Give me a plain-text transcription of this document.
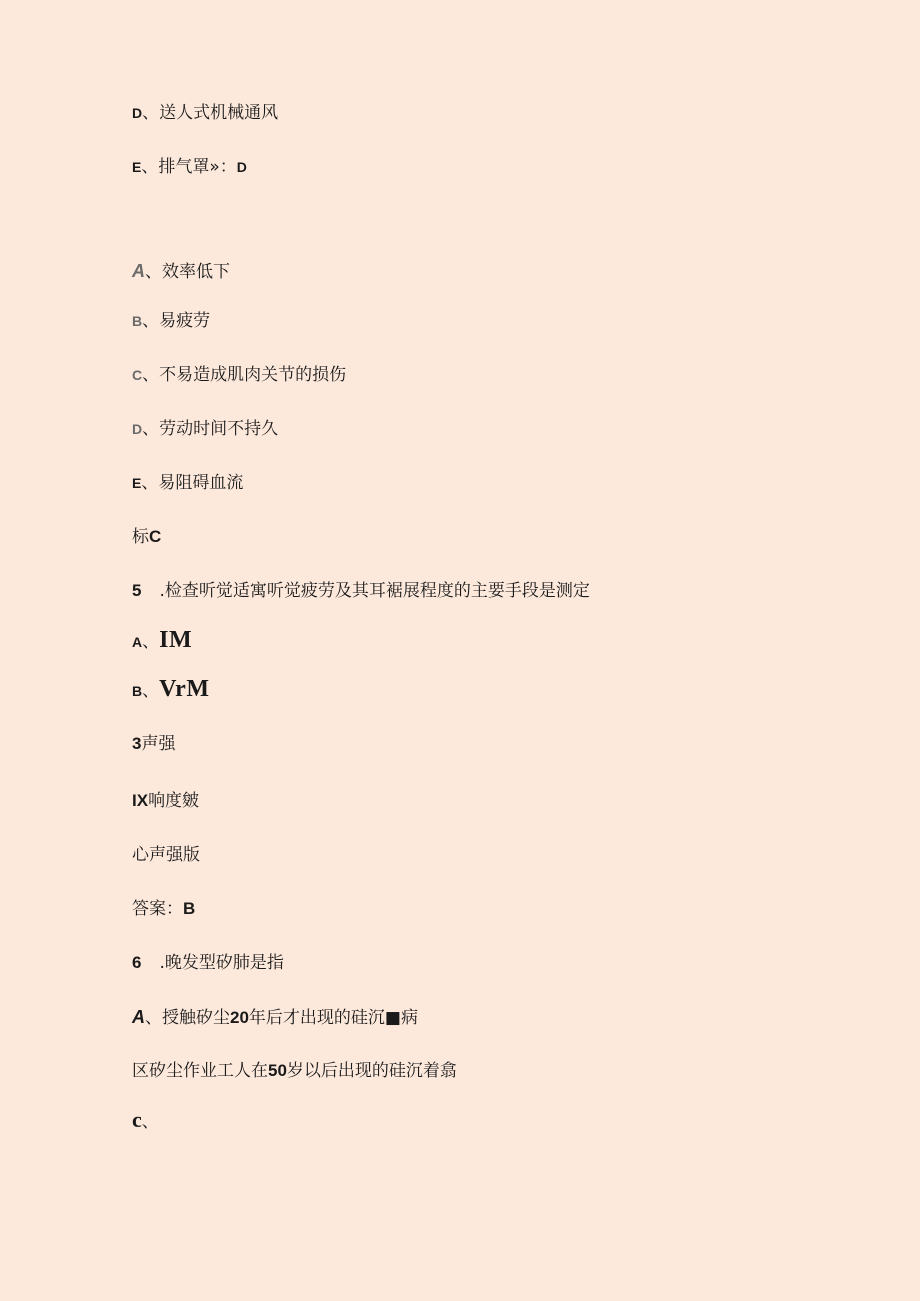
D、送人式机械通风
E、排气罩»：D
A、效率低下
B、易疲劳
C、不易造成肌肉关节的损伤
D、劳动时间不持久
E、易阻碍血流
标C
5 .检查听觉适寓听觉疲劳及其耳裾展程度的主要手段是测定
A、IM
B、VrM
3声强
IX响度皴
心声强版
答案：B
6 .晚发型矽肺是指
A、授触矽尘20年后才出现的硅沉■病
区矽尘作业工人在50岁以后出现的硅沉着翕
c、
